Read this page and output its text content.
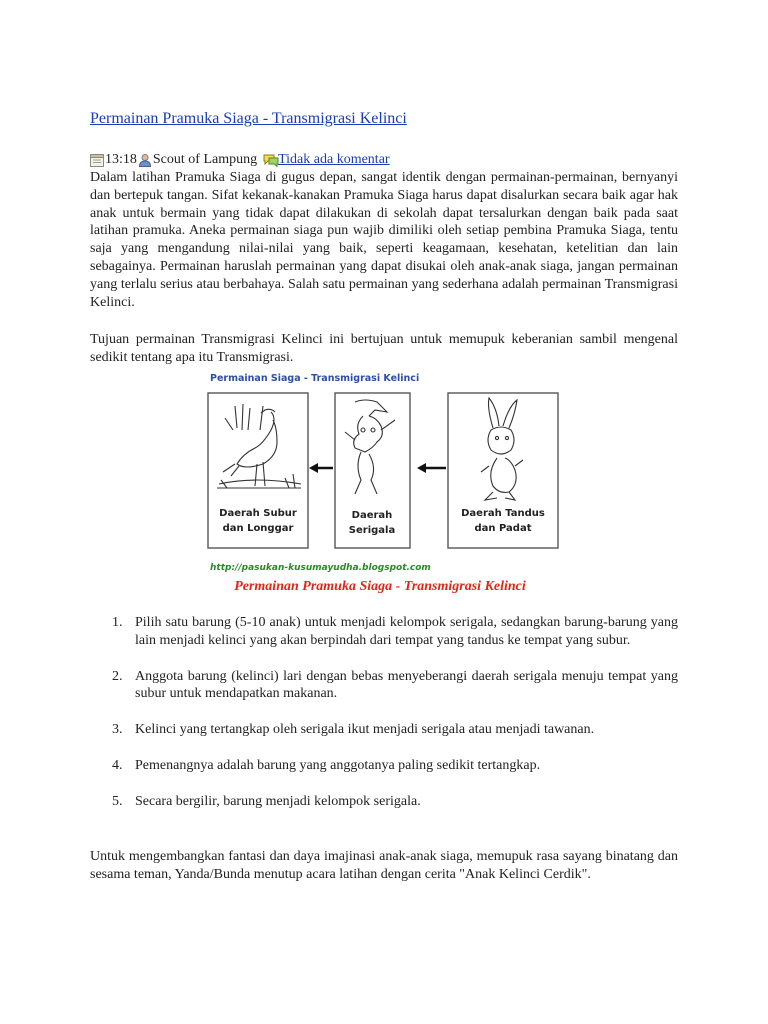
Permainan Pramuka Siaga - Transmigrasi Kelinci
13:18 Scout of Lampung Tidak ada komentar

Dalam latihan Pramuka Siaga di gugus depan, sangat identik dengan permainan-permainan, bernyanyi dan bertepuk tangan. Sifat kekanak-kanakan Pramuka Siaga harus dapat disalurkan secara baik agar hak anak untuk bermain yang tidak dapat dilakukan di sekolah dapat tersalurkan dengan baik pada saat latihan pramuka. Aneka permainan siaga pun wajib dimiliki oleh setiap pembina Pramuka Siaga, tentu saja yang mengandung nilai-nilai yang baik, seperti keagamaan, kesehatan, ketelitian dan lain sebagainya. Permainan haruslah permainan yang dapat disukai oleh anak-anak siaga, jangan permainan yang terlalu serius atau berbahaya. Salah satu permainan yang sederhana adalah permainan Transmigrasi Kelinci.

Tujuan permainan Transmigrasi Kelinci ini bertujuan untuk memupuk keberanian sambil mengenal sedikit tentang apa itu Transmigrasi.

Permainan Siaga - Transmigrasi Kelinci
Daerah Subur
dan Longgar
Daerah
Serigala
Daerah Tandus
dan Padat
http://pasukan-kusumayudha.blogspot.com
Permainan Pramuka Siaga - Transmigrasi Kelinci
1. Pilih satu barung (5-10 anak) untuk menjadi kelompok serigala, sedangkan barung-barung yang lain menjadi kelinci yang akan berpindah dari tempat yang tandus ke tempat yang subur.
2. Anggota barung (kelinci) lari dengan bebas menyeberangi daerah serigala menuju tempat yang subur untuk mendapatkan makanan.
3. Kelinci yang tertangkap oleh serigala ikut menjadi serigala atau menjadi tawanan.
4. Pemenangnya adalah barung yang anggotanya paling sedikit tertangkap.
5. Secara bergilir, barung menjadi kelompok serigala.

Untuk mengembangkan fantasi dan daya imajinasi anak-anak siaga, memupuk rasa sayang binatang dan sesama teman, Yanda/Bunda menutup acara latihan dengan cerita "Anak Kelinci Cerdik".
